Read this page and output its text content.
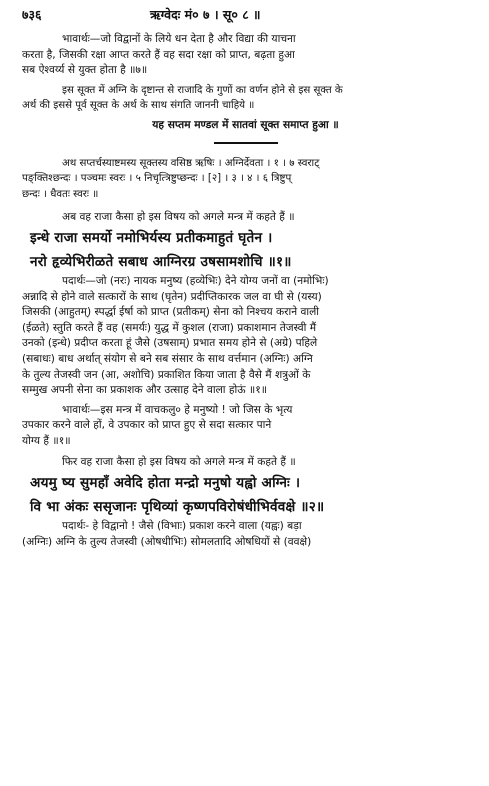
७३६	ऋग्वेदः मं० ७ । सू० ८ ॥

भावार्थः—जो विद्वानों के लिये धन देता है और विद्या की याचना

करता है, जिसकी रक्षा आप्त करते हैं वह सदा रक्षा को प्राप्त, बढ़ता हुआ

सब ऐश्वर्य्य से युक्त होता है ॥७॥

इस सूक्त में अग्नि के दृष्टान्त से राजादि के गुणों का वर्णन होने से इस सूक्त के

अर्थ की इससे पूर्व सूक्त के अर्थ के साथ संगति जाननी चाहिये ॥

यह सप्तम मण्डल में सातवां सूक्त समाप्त हुआ ॥

अथ सप्तर्चस्याष्टमस्य सूक्तस्य वसिष्ठ ऋषिः । अग्निर्देवता । १ । ७ स्वराट्

पङ्क्तिश्छन्दः । पञ्चमः स्वरः । ५ निचृत्त्रिष्टुप्छन्दः । [२] । ३ । ४ । ६ त्रिष्टुप्

छन्दः । धैवतः स्वरः ॥

अब वह राजा कैसा हो इस विषय को अगले मन्त्र में कहते हैं ॥

इन्धे राजा समर्यो नमोभिर्यस्य प्रतीकमाहुतं घृतेन ।

नरो हृव्येभिरीळते सबाध आग्निरग्र उषसामशोचि ॥१॥

पदार्थः—जो (नरः) नायक मनुष्य (हव्येभिः) देने योग्य जनों वा (नमोभिः)

अन्नादि से होने वाले सत्कारों के साथ (घृतेन) प्रदीप्तिकारक जल वा घी से (यस्य)

जिसकी (आहुतम्) स्पर्द्धा ईर्षा को प्राप्त (प्रतीकम्) सेना को निश्चय कराने वाली

(ईळते) स्तुति करते हैं वह (समर्यः) युद्ध में कुशल (राजा) प्रकाशमान तेजस्वी मैं

उनको (इन्धे) प्रदीप्त करता हूं जैसे (उषसाम्) प्रभात समय होने से (अग्रे) पहिले

(सबाधः) बाध अर्थात् संयोग से बने सब संसार के साथ वर्त्तमान (अग्निः) अग्नि

के तुल्य तेजस्वी जन (आ, अशोचि) प्रकाशित किया जाता है वैसे मैं शत्रुओं के

सम्मुख अपनी सेना का प्रकाशक और उत्साह देने वाला होऊं ॥१॥

भावार्थः—इस मन्त्र में वाचकलु० हे मनुष्यो ! जो जिस के भृत्य

उपकार करने वाले हों, वे उपकार को प्राप्त हुए से सदा सत्कार पाने

योग्य हैं ॥१॥

फिर वह राजा कैसा हो इस विषय को अगले मन्त्र में कहते हैं ॥

अयमु ष्य सुमहाँ अवेदि होता मन्द्रो मनुषो यह्वो अग्निः ।

वि भा अंकः ससृजानः पृथिव्यां कृष्णपविरोषंधीभिर्ववक्षे ॥२॥

पदार्थः- हे विद्वानो ! जैसे (विभाः) प्रकाश करने वाला (यह्वः) बड़ा

(अग्निः) अग्नि के तुल्य तेजस्वी (ओषधीभिः) सोमलतादि ओषधियों से (ववक्षे)
